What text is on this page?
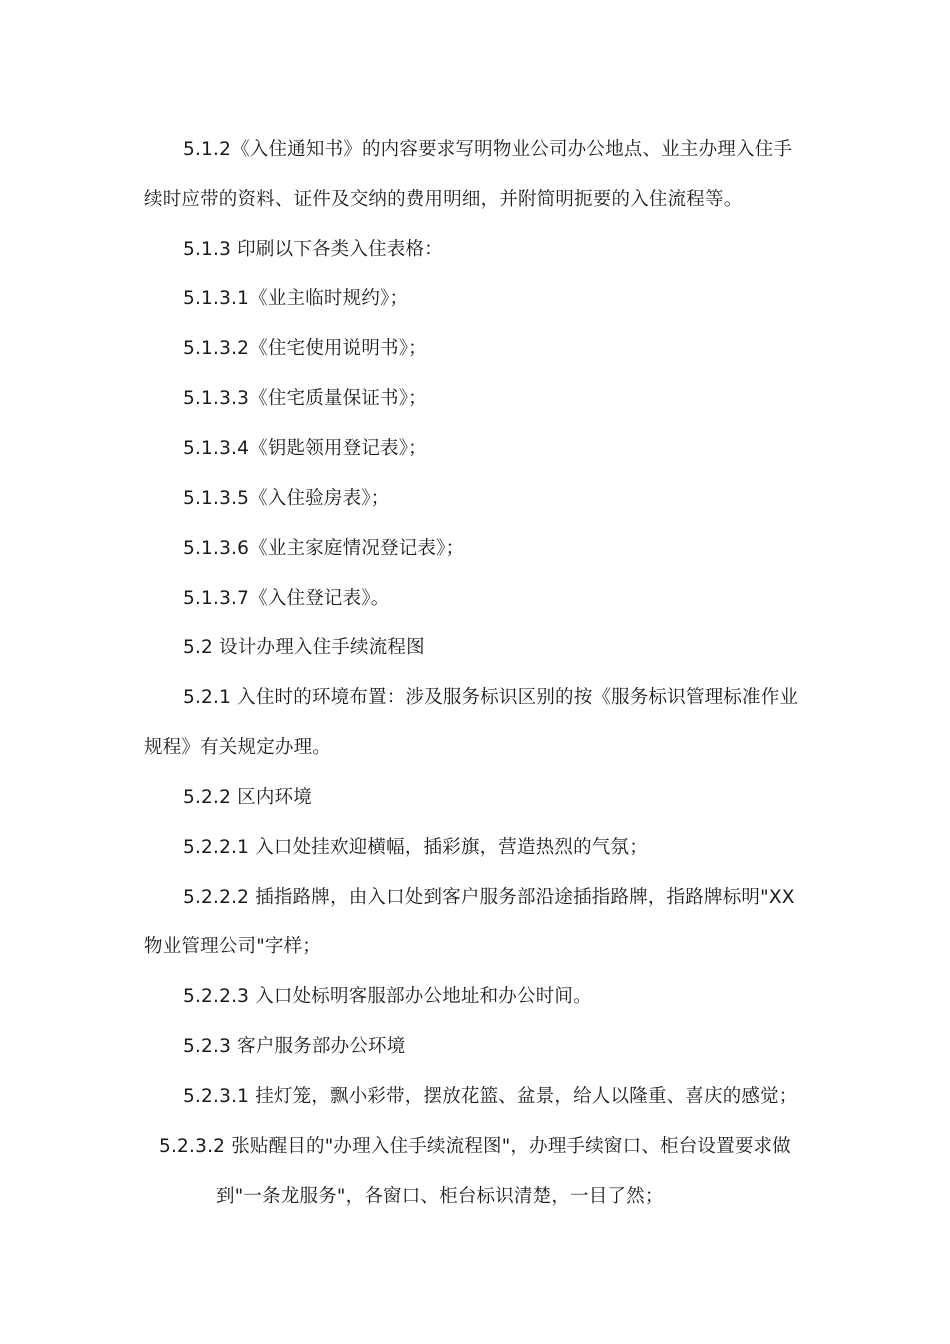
5.1.2《入住通知书》的内容要求写明物业公司办公地点、业主办理入住手
续时应带的资料、证件及交纳的费用明细，并附简明扼要的入住流程等。
5.1.3 印刷以下各类入住表格：
5.1.3.1《业主临时规约》；
5.1.3.2《住宅使用说明书》；
5.1.3.3《住宅质量保证书》；
5.1.3.4《钥匙领用登记表》；
5.1.3.5《入住验房表》；
5.1.3.6《业主家庭情况登记表》；
5.1.3.7《入住登记表》。
5.2 设计办理入住手续流程图
5.2.1 入住时的环境布置：涉及服务标识区别的按《服务标识管理标准作业
规程》有关规定办理。
5.2.2 区内环境
5.2.2.1 入口处挂欢迎横幅，插彩旗，营造热烈的气氛；
5.2.2.2 插指路牌，由入口处到客户服务部沿途插指路牌，指路牌标明"XX
物业管理公司"字样；
5.2.2.3 入口处标明客服部办公地址和办公时间。
5.2.3 客户服务部办公环境
5.2.3.1 挂灯笼，飘小彩带，摆放花篮、盆景，给人以隆重、喜庆的感觉；
5.2.3.2 张贴醒目的"办理入住手续流程图"，办理手续窗口、柜台设置要求做
到"一条龙服务"，各窗口、柜台标识清楚，一目了然；
